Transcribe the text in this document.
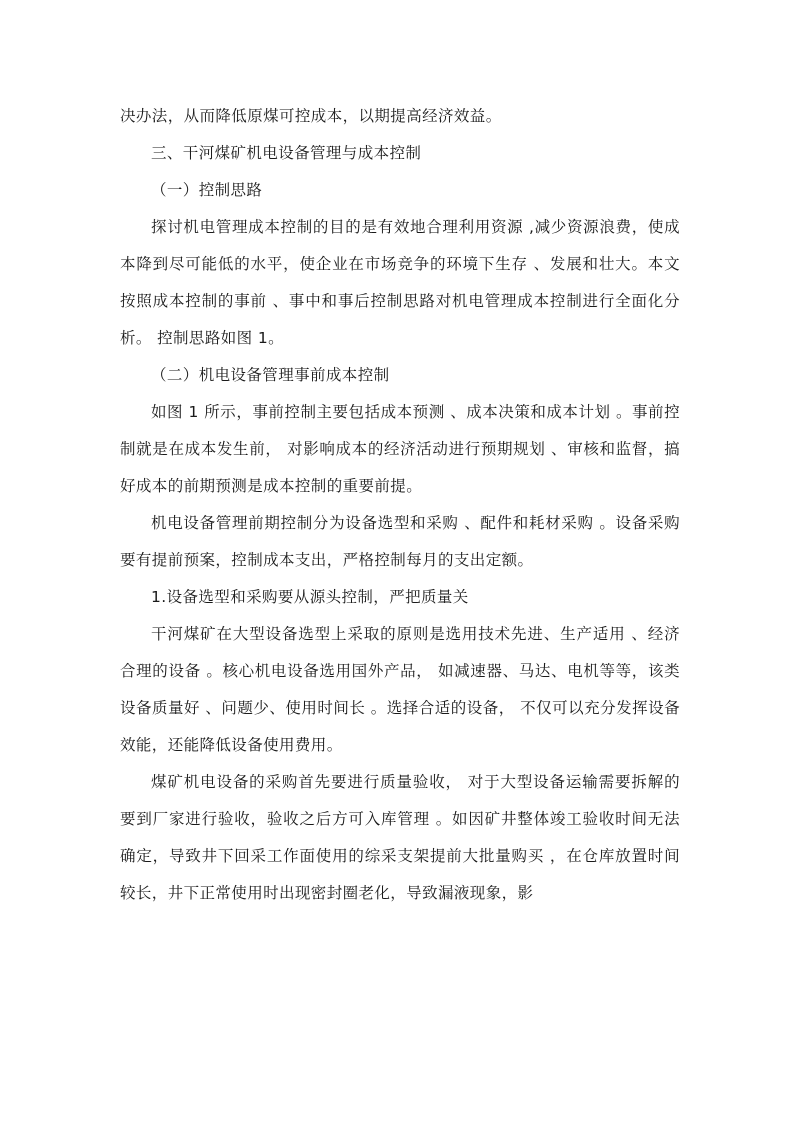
决办法，从而降低原煤可控成本，以期提高经济效益。

三、干河煤矿机电设备管理与成本控制

（一）控制思路

探讨机电管理成本控制的目的是有效地合理利用资源 ,减少资源浪费，使成本降到尽可能低的水平，使企业在市场竞争的环境下生存 、发展和壮大。本文按照成本控制的事前 、事中和事后控制思路对机电管理成本控制进行全面化分析。 控制思路如图 1。

（二）机电设备管理事前成本控制

如图 1 所示，事前控制主要包括成本预测 、成本决策和成本计划 。事前控制就是在成本发生前， 对影响成本的经济活动进行预期规划 、审核和监督，搞好成本的前期预测是成本控制的重要前提。

机电设备管理前期控制分为设备选型和采购 、配件和耗材采购 。设备采购要有提前预案，控制成本支出，严格控制每月的支出定额。

1.设备选型和采购要从源头控制，严把质量关

干河煤矿在大型设备选型上采取的原则是选用技术先进、生产适用 、经济合理的设备 。核心机电设备选用国外产品， 如减速器、马达、电机等等，该类设备质量好 、问题少、使用时间长 。选择合适的设备， 不仅可以充分发挥设备效能，还能降低设备使用费用。

煤矿机电设备的采购首先要进行质量验收， 对于大型设备运输需要拆解的要到厂家进行验收，验收之后方可入库管理 。如因矿井整体竣工验收时间无法确定，导致井下回采工作面使用的综采支架提前大批量购买 ，在仓库放置时间较长，井下正常使用时出现密封圈老化，导致漏液现象，影
